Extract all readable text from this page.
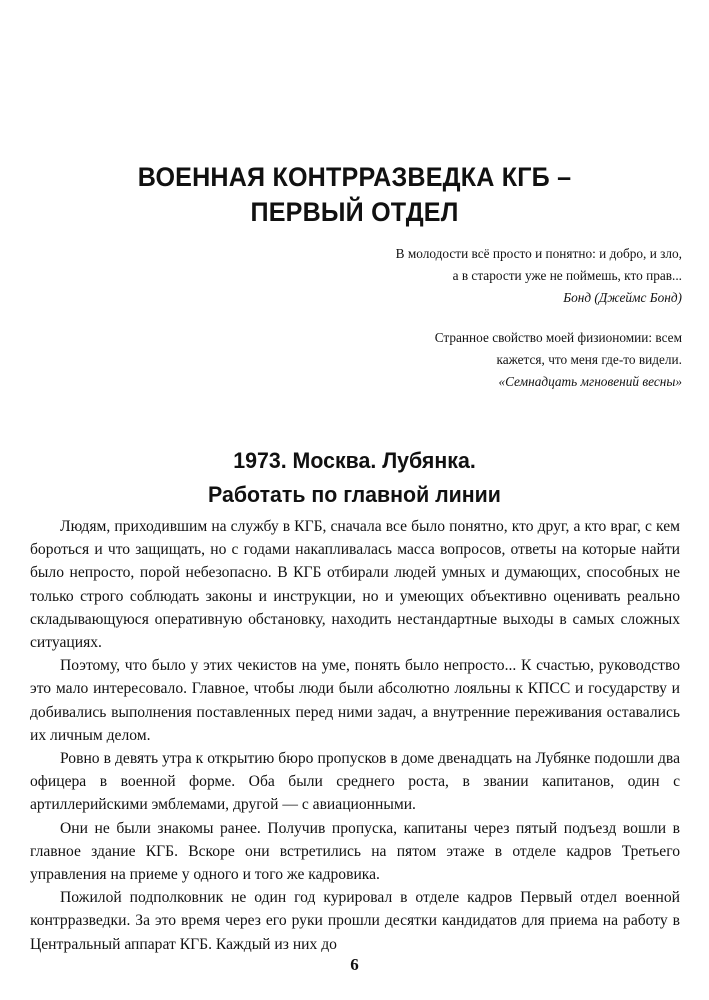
ВОЕННАЯ КОНТРРАЗВЕДКА КГБ –
ПЕРВЫЙ ОТДЕЛ
В молодости всё просто и понятно: и добро, и зло,
а в старости уже не поймешь, кто прав...
Бонд (Джеймс Бонд)
Странное свойство моей физиономии: всем
кажется, что меня где-то видели.
«Семнадцать мгновений весны»
1973. Москва. Лубянка.
Работать по главной линии

Людям, приходившим на службу в КГБ, сначала все было понятно, кто друг, а кто враг, с кем бороться и что защищать, но с годами накапливалась масса вопросов, ответы на которые найти было непросто, порой небезопасно. В КГБ отбирали людей умных и думающих, способных не только строго соблюдать законы и инструкции, но и умеющих объективно оценивать реально складывающуюся оперативную обстановку, находить нестандартные выходы в самых сложных ситуациях.

Поэтому, что было у этих чекистов на уме, понять было непросто... К счастью, руководство это мало интересовало. Главное, чтобы люди были абсолютно лояльны к КПСС и государству и добивались выполнения поставленных перед ними задач, а внутренние переживания оставались их личным делом.

Ровно в девять утра к открытию бюро пропусков в доме двенадцать на Лубянке подошли два офицера в военной форме. Оба были среднего роста, в звании капитанов, один с артиллерийскими эмблемами, другой — с авиационными.

Они не были знакомы ранее. Получив пропуска, капитаны через пятый подъезд вошли в главное здание КГБ. Вскоре они встретились на пятом этаже в отделе кадров Третьего управления на приеме у одного и того же кадровика.

Пожилой подполковник не один год курировал в отделе кадров Первый отдел военной контрразведки. За это время через его руки прошли десятки кандидатов для приема на работу в Центральный аппарат КГБ. Каждый из них до

6
